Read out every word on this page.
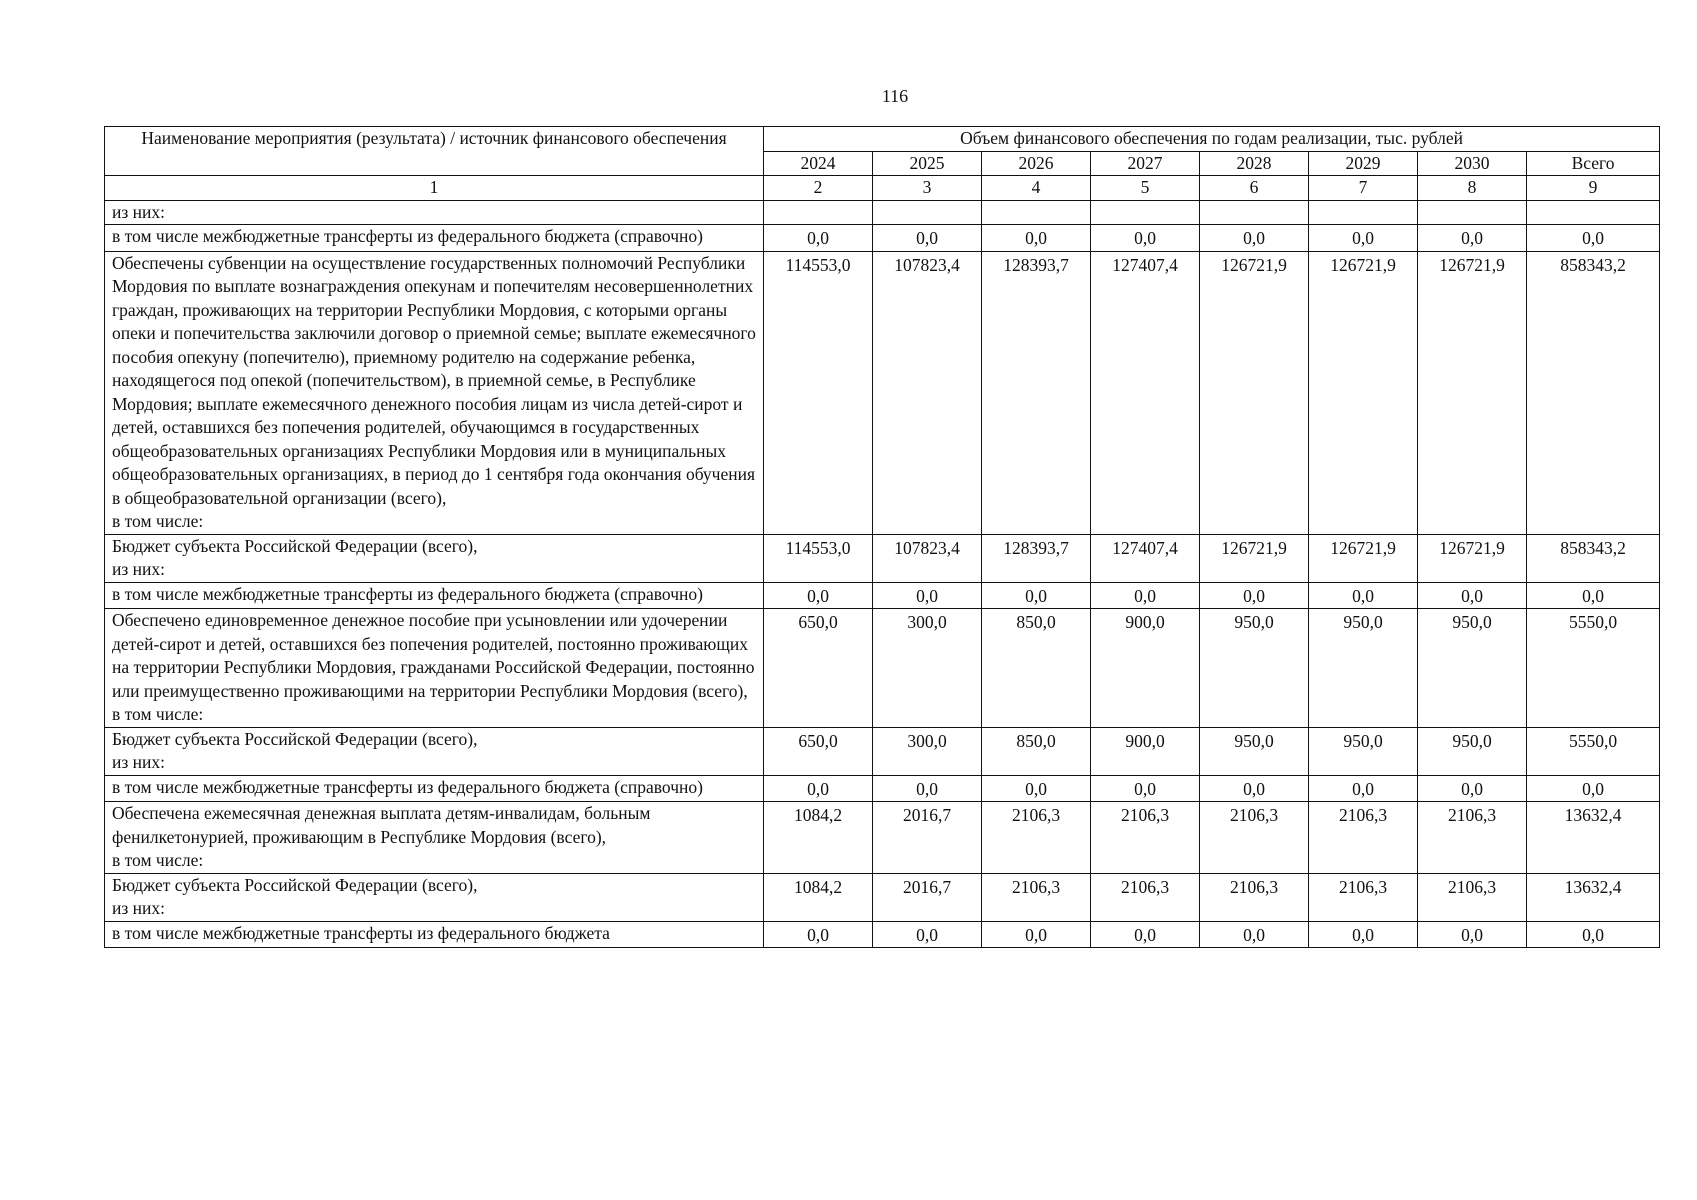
116
Наименование мероприятия (результата) / источник финансового обеспечения	Объем финансового обеспечения по годам реализации, тыс. рублей							
	2024	2025	2026	2027	2028	2029	2030	Всего
1	2	3	4	5	6	7	8	9

из них:								

в том числе межбюджетные трансферты из федерального бюджета (справочно)	0,0	0,0	0,0	0,0	0,0	0,0	0,0	0,0

Обеспечены субвенции на осуществление государственных полномочий Республики Мордовия по выплате вознаграждения опекунам и попечителям несовершеннолетних граждан, проживающих на территории Республики Мордовия, с которыми органы опеки и попечительства заключили договор о приемной семье; выплате ежемесячного пособия опекуну (попечителю), приемному родителю на содержание ребенка, находящегося под опекой (попечительством), в приемной семье, в Республике Мордовия; выплате ежемесячного денежного пособия лицам из числа детей-сирот и детей, оставшихся без попечения родителей, обучающимся в государственных общеобразовательных организациях Республики Мордовия или в муниципальных общеобразовательных организациях, в период до 1 сентября года окончания обучения в общеобразовательной организации (всего),
в том числе:	114553,0	107823,4	128393,7	127407,4	126721,9	126721,9	126721,9	858343,2

Бюджет субъекта Российской Федерации (всего),
из них:	114553,0	107823,4	128393,7	127407,4	126721,9	126721,9	126721,9	858343,2

в том числе межбюджетные трансферты из федерального бюджета (справочно)	0,0	0,0	0,0	0,0	0,0	0,0	0,0	0,0

Обеспечено единовременное денежное пособие при усыновлении или удочерении детей-сирот и детей, оставшихся без попечения родителей, постоянно проживающих на территории Республики Мордовия, гражданами Российской Федерации, постоянно или преимущественно проживающими на территории Республики Мордовия (всего),
в том числе:	650,0	300,0	850,0	900,0	950,0	950,0	950,0	5550,0

Бюджет субъекта Российской Федерации (всего),
из них:	650,0	300,0	850,0	900,0	950,0	950,0	950,0	5550,0

в том числе межбюджетные трансферты из федерального бюджета (справочно)	0,0	0,0	0,0	0,0	0,0	0,0	0,0	0,0

Обеспечена ежемесячная денежная выплата детям-инвалидам, больным фенилкетонурией, проживающим в Республике Мордовия (всего),
в том числе:	1084,2	2016,7	2106,3	2106,3	2106,3	2106,3	2106,3	13632,4

Бюджет субъекта Российской Федерации (всего),
из них:	1084,2	2016,7	2106,3	2106,3	2106,3	2106,3	2106,3	13632,4

в том числе межбюджетные трансферты из федерального бюджета	0,0	0,0	0,0	0,0	0,0	0,0	0,0	0,0
